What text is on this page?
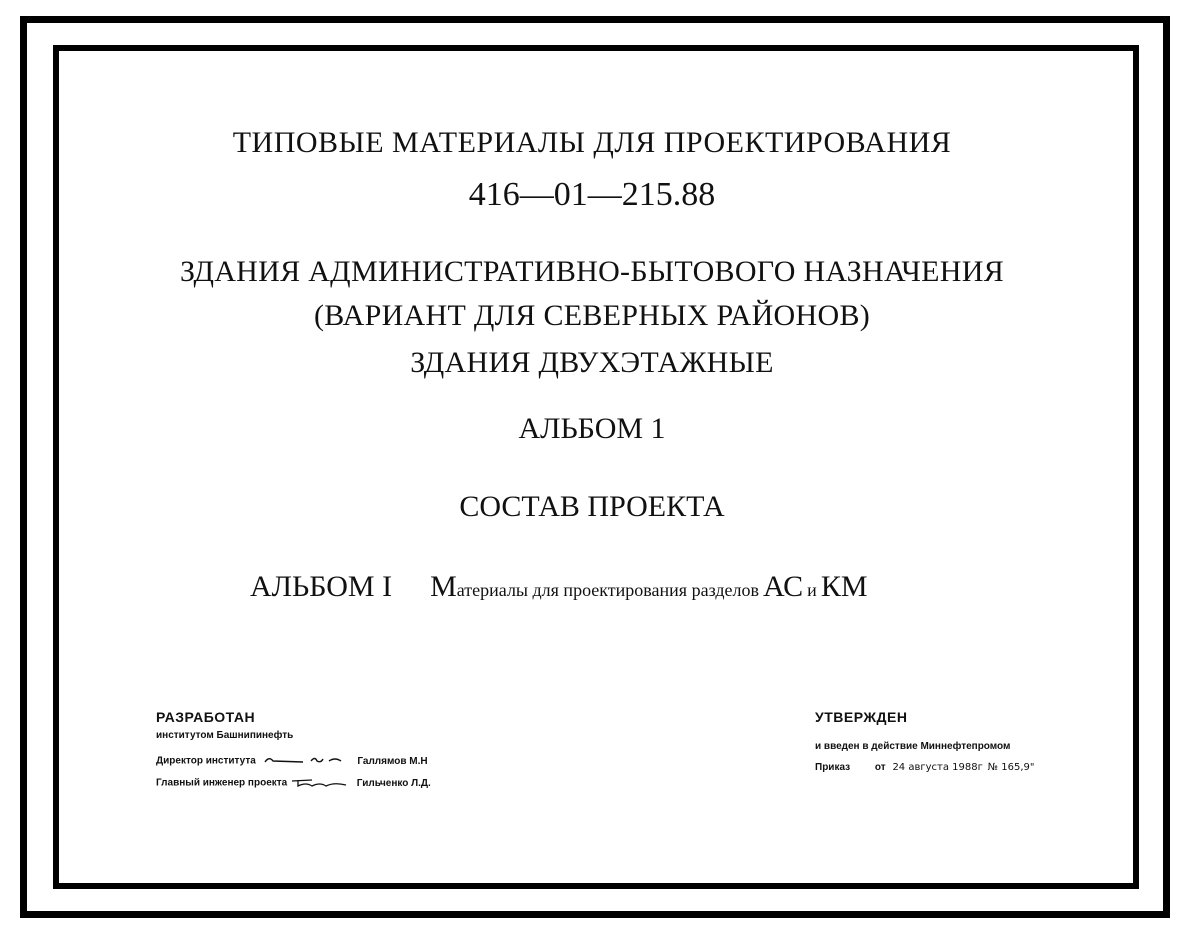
ТИПОВЫЕ МАТЕРИАЛЫ ДЛЯ ПРОЕКТИРОВАНИЯ
416—01—215.88
ЗДАНИЯ АДМИНИСТРАТИВНО-БЫТОВОГО НАЗНАЧЕНИЯ
(ВАРИАНТ ДЛЯ СЕВЕРНЫХ РАЙОНОВ)
ЗДАНИЯ ДВУХЭТАЖНЫЕ
АЛЬБОМ 1
СОСТАВ ПРОЕКТА
АЛЬБОМ I Материалы для проектирования разделов АС и КМ
РАЗРАБОТАН
институтом Башнипинефть
Директор института	Галлямов М.Н
Главный инженер проекта	Гильченко Л.Д.
УТВЕРЖДЕН
и введен в действие Миннефтепромом
Приказ от 24 августа 1988г № 165,9"
